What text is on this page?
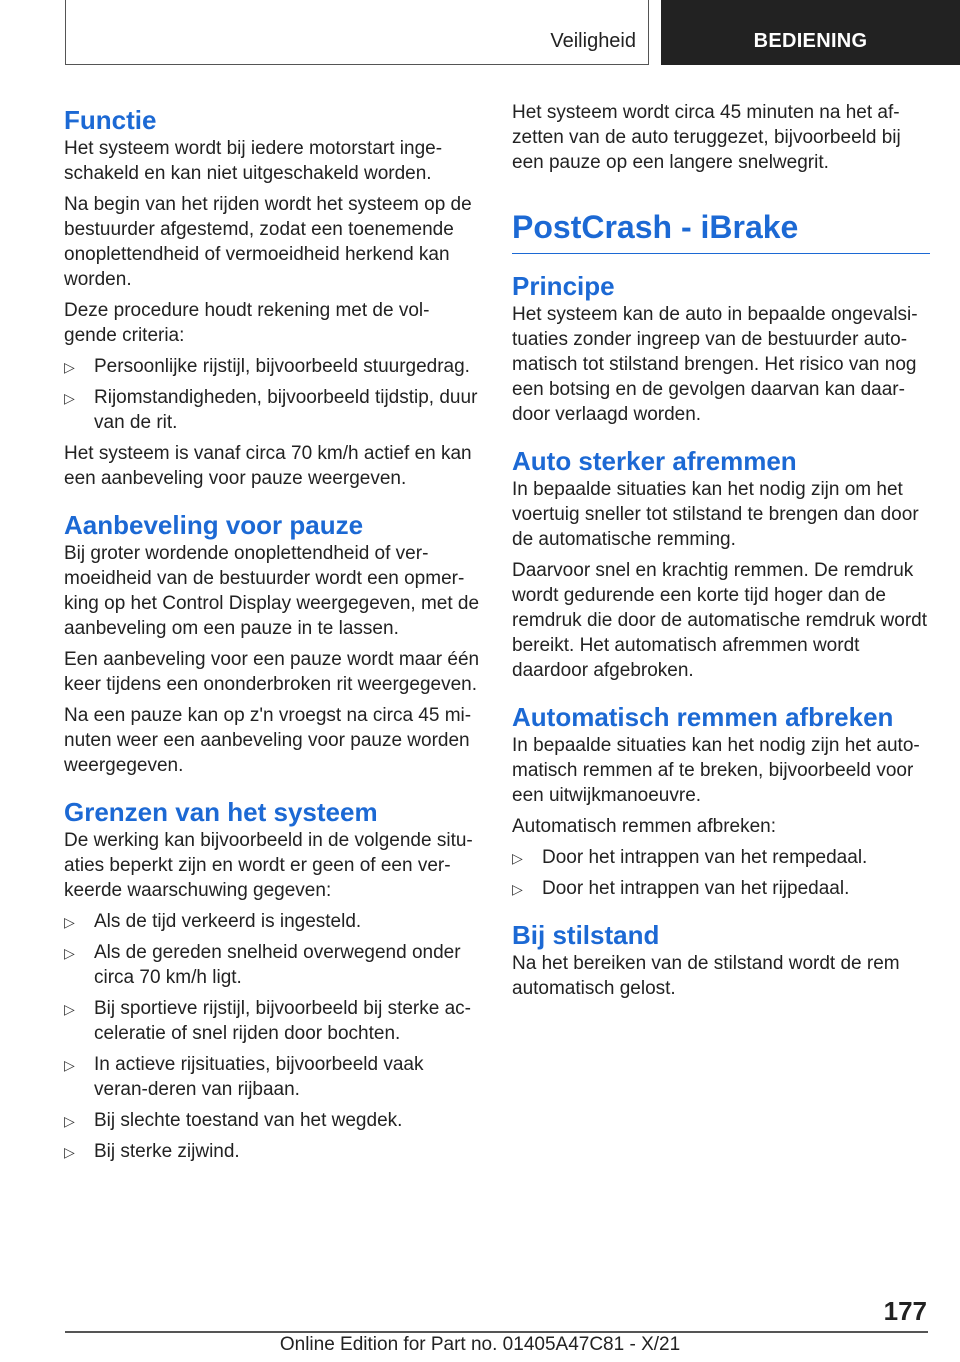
Veiligheid	BEDIENING
Functie

Het systeem wordt bij iedere motorstart inge-schakeld en kan niet uitgeschakeld worden.

Na begin van het rijden wordt het systeem op de bestuurder afgestemd, zodat een toenemende onoplettendheid of vermoeidheid herkend kan worden.

Deze procedure houdt rekening met de vol-gende criteria:

▷ Persoonlijke rijstijl, bijvoorbeeld stuurgedrag.
▷ Rijomstandigheden, bijvoorbeeld tijdstip, duur van de rit.

Het systeem is vanaf circa 70 km/h actief en kan een aanbeveling voor pauze weergeven.

Aanbeveling voor pauze

Bij groter wordende onoplettendheid of ver-moeidheid van de bestuurder wordt een opmer-king op het Control Display weergegeven, met de aanbeveling om een pauze in te lassen.

Een aanbeveling voor een pauze wordt maar één keer tijdens een ononderbroken rit weergegeven.

Na een pauze kan op z'n vroegst na circa 45 mi-nuten weer een aanbeveling voor pauze worden weergegeven.

Grenzen van het systeem

De werking kan bijvoorbeeld in de volgende situ-aties beperkt zijn en wordt er geen of een ver-keerde waarschuwing gegeven:

▷ Als de tijd verkeerd is ingesteld.
▷ Als de gereden snelheid overwegend onder circa 70 km/h ligt.
▷ Bij sportieve rijstijl, bijvoorbeeld bij sterke ac-celeratie of snel rijden door bochten.
▷ In actieve rijsituaties, bijvoorbeeld vaak veran-deren van rijbaan.
▷ Bij slechte toestand van het wegdek.
▷ Bij sterke zijwind.

Het systeem wordt circa 45 minuten na het af-zetten van de auto teruggezet, bijvoorbeeld bij een pauze op een langere snelwegrit.

PostCrash - iBrake
Principe

Het systeem kan de auto in bepaalde ongevalsi-tuaties zonder ingreep van de bestuurder auto-matisch tot stilstand brengen. Het risico van nog een botsing en de gevolgen daarvan kan daar-door verlaagd worden.

Auto sterker afremmen

In bepaalde situaties kan het nodig zijn om het voertuig sneller tot stilstand te brengen dan door de automatische remming.

Daarvoor snel en krachtig remmen. De remdruk wordt gedurende een korte tijd hoger dan de remdruk die door de automatische remdruk wordt bereikt. Het automatisch afremmen wordt daardoor afgebroken.

Automatisch remmen afbreken

In bepaalde situaties kan het nodig zijn het auto-matisch remmen af te breken, bijvoorbeeld voor een uitwijkmanoeuvre.

Automatisch remmen afbreken:

▷ Door het intrappen van het rempedaal.
▷ Door het intrappen van het rijpedaal.
Bij stilstand

Na het bereiken van de stilstand wordt de rem automatisch gelost.

177
Online Edition for Part no. 01405A47C81 - X/21
